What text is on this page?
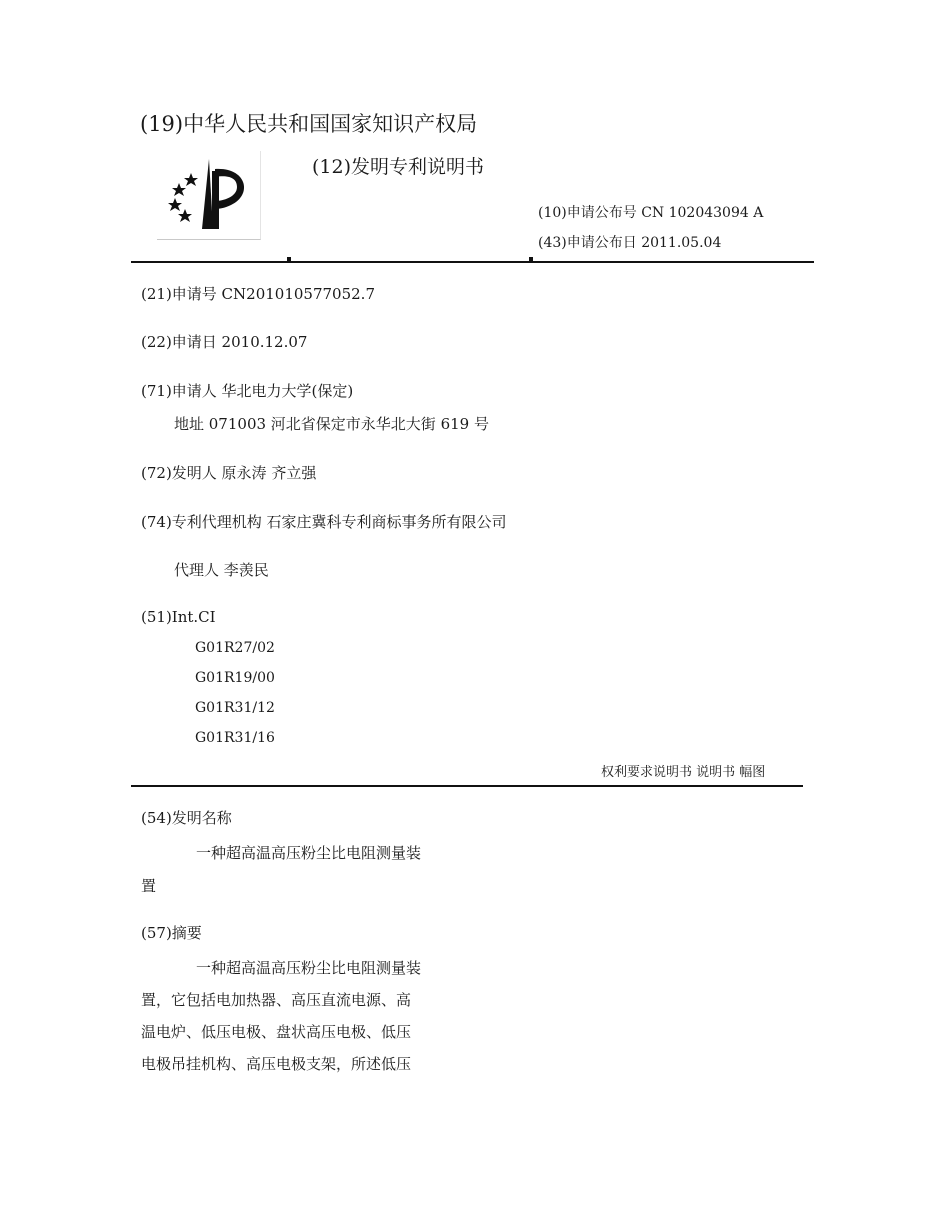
(19)中华人民共和国国家知识产权局
(12)发明专利说明书
(10)申请公布号 CN 102043094 A
(43)申请公布日 2011.05.04
(21)申请号 CN201010577052.7
(22)申请日 2010.12.07
(71)申请人 华北电力大学(保定)
地址 071003 河北省保定市永华北大街 619 号
(72)发明人 原永涛 齐立强
(74)专利代理机构 石家庄冀科专利商标事务所有限公司
代理人 李羡民
(51)Int.CI
G01R27/02
G01R19/00
G01R31/12
G01R31/16
权利要求说明书 说明书 幅图
(54)发明名称
一种超高温高压粉尘比电阻测量装
置
(57)摘要
一种超高温高压粉尘比电阻测量装
置，它包括电加热器、高压直流电源、高
温电炉、低压电极、盘状高压电极、低压
电极吊挂机构、高压电极支架，所述低压
